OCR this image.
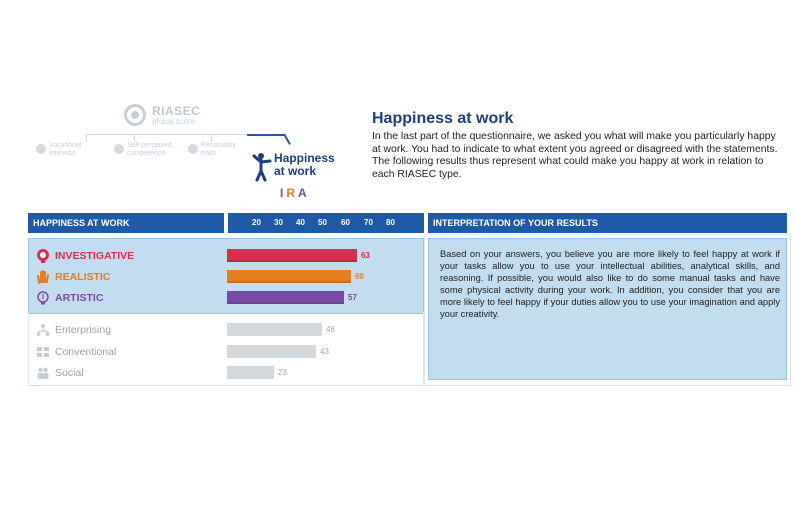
RIASEC
global score
Vocational
interests
Self-perceived
competence
Personality
traits	Happiness
at work
IRA
Happiness at work
In the last part of the questionnaire, we asked you what will make you particularly happy at work. You had to indicate to what extent you agreed or disagreed with the statements. The following results thus represent what could make you happy at work in relation to each RIASEC type.
HAPPINESS AT WORK	20 30 40 50 60 70 80	INTERPRETATION OF YOUR RESULTS
Based on your answers, you believe you are more likely to feel happy at work if your tasks allow you to use your intellectual abilities, analytical skills, and reasoning. If possible, you would also like to do some manual tasks and have some physical activity during your work. In addition, you consider that you are more likely to feel happy if your duties allow you to use your imagination and apply your creativity.
INVESTIGATIVE	63
REALISTIC	60
ARTISTIC	57
Enterprising	46
Conventional	43
Social	23
